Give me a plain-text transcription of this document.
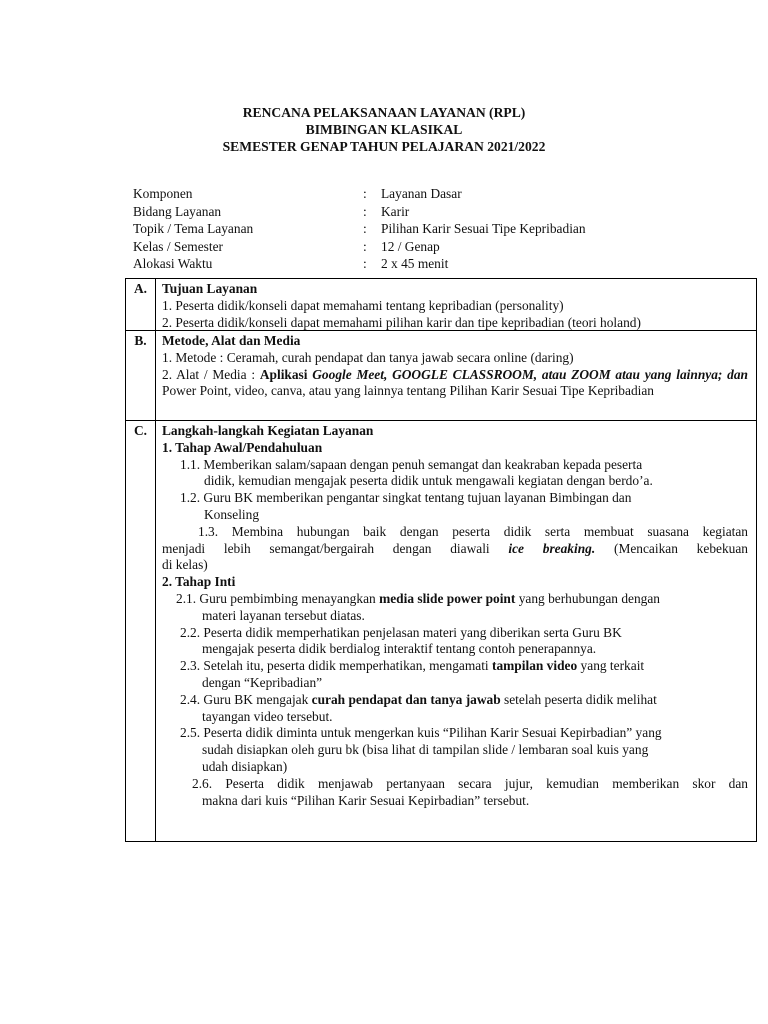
RENCANA PELAKSANAAN LAYANAN (RPL)
BIMBINGAN KLASIKAL
SEMESTER GENAP TAHUN PELAJARAN 2021/2022
Komponen	:	Layanan Dasar
Bidang Layanan	:	Karir
Topik / Tema Layanan	:	Pilihan Karir Sesuai Tipe Kepribadian
Kelas / Semester	:	12 / Genap
Alokasi Waktu	:	2 x 45 menit
A.	Tujuan Layanan
1. Peserta didik/konseli dapat memahami tentang kepribadian (personality)
2. Peserta didik/konseli dapat memahami pilihan karir dan tipe kepribadian (teori holand)
B.	Metode, Alat dan Media
1. Metode : Ceramah, curah pendapat dan tanya jawab secara online (daring)
2. Alat / Media : Aplikasi Google Meet, GOOGLE CLASSROOM, atau ZOOM atau yang lainnya; dan Power Point, video, canva, atau yang lainnya tentang Pilihan Karir Sesuai Tipe Kepribadian
C.	Langkah-langkah Kegiatan Layanan
1. Tahap Awal/Pendahuluan
1.1. Memberikan salam/sapaan dengan penuh semangat dan keakraban kepada peserta
didik, kemudian mengajak peserta didik untuk mengawali kegiatan dengan berdo’a.
1.2. Guru BK memberikan pengantar singkat tentang tujuan layanan Bimbingan dan
Konseling
1.3. Membina hubungan baik dengan peserta didik serta membuat suasana kegiatan
menjadi lebih semangat/bergairah dengan diawali ice breaking. (Mencaikan kebekuan
di kelas)
2. Tahap Inti
2.1. Guru pembimbing menayangkan media slide power point yang berhubungan dengan
materi layanan tersebut diatas.
2.2. Peserta didik memperhatikan penjelasan materi yang diberikan serta Guru BK
mengajak peserta didik berdialog interaktif tentang contoh penerapannya.
2.3. Setelah itu, peserta didik memperhatikan, mengamati tampilan video yang terkait
dengan “Kepribadian”
2.4. Guru BK mengajak curah pendapat dan tanya jawab setelah peserta didik melihat
tayangan video tersebut.
2.5. Peserta didik diminta untuk mengerkan kuis “Pilihan Karir Sesuai Kepirbadian” yang
sudah disiapkan oleh guru bk (bisa lihat di tampilan slide / lembaran soal kuis yang
udah disiapkan)
2.6. Peserta didik menjawab pertanyaan secara jujur, kemudian memberikan skor dan
makna dari kuis “Pilihan Karir Sesuai Kepirbadian” tersebut.
